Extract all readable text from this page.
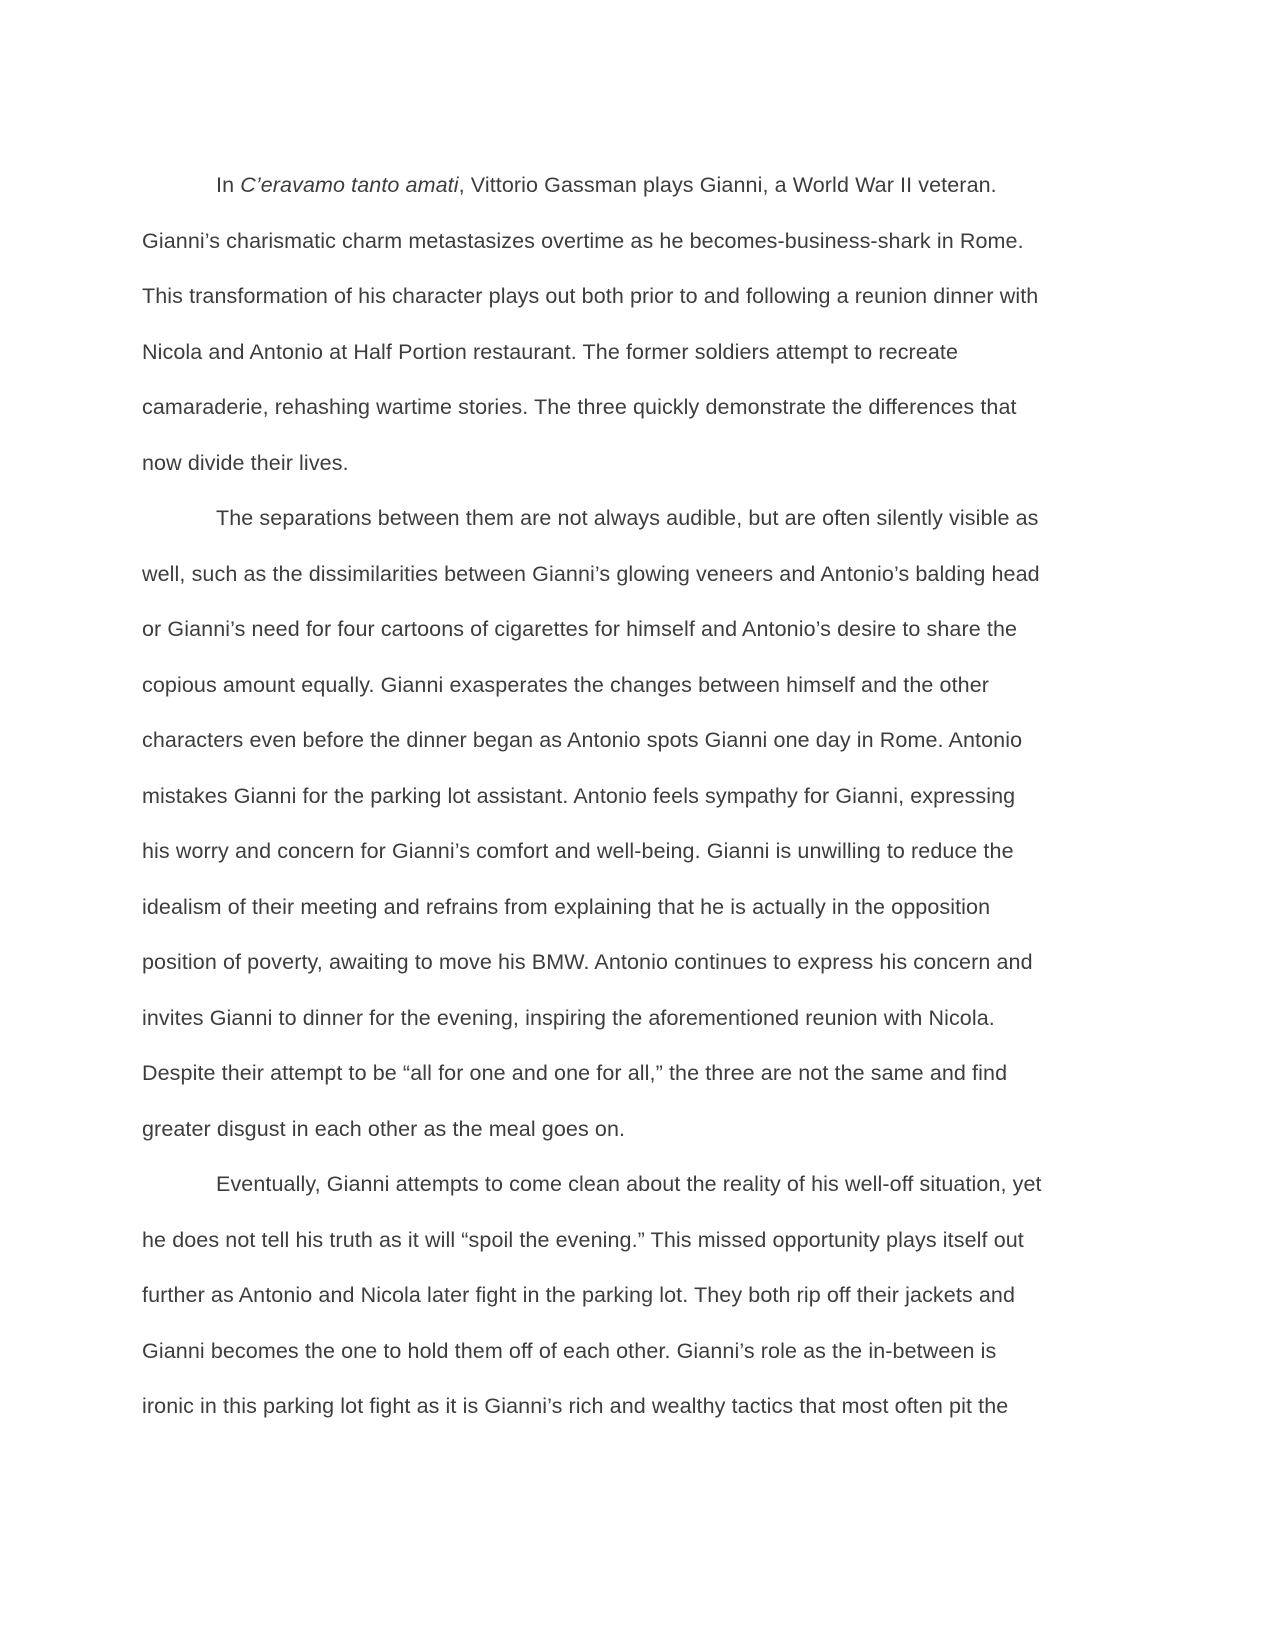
In C’eravamo tanto amati, Vittorio Gassman plays Gianni, a World War II veteran.
Gianni’s charismatic charm metastasizes overtime as he becomes-business-shark in Rome.
This transformation of his character plays out both prior to and following a reunion dinner with
Nicola and Antonio at Half Portion restaurant. The former soldiers attempt to recreate
camaraderie, rehashing wartime stories. The three quickly demonstrate the differences that
now divide their lives.
The separations between them are not always audible, but are often silently visible as
well, such as the dissimilarities between Gianni’s glowing veneers and Antonio’s balding head
or Gianni’s need for four cartoons of cigarettes for himself and Antonio’s desire to share the
copious amount equally. Gianni exasperates the changes between himself and the other
characters even before the dinner began as Antonio spots Gianni one day in Rome. Antonio
mistakes Gianni for the parking lot assistant. Antonio feels sympathy for Gianni, expressing
his worry and concern for Gianni’s comfort and well-being. Gianni is unwilling to reduce the
idealism of their meeting and refrains from explaining that he is actually in the opposition
position of poverty, awaiting to move his BMW. Antonio continues to express his concern and
invites Gianni to dinner for the evening, inspiring the aforementioned reunion with Nicola.
Despite their attempt to be “all for one and one for all,” the three are not the same and find
greater disgust in each other as the meal goes on.
Eventually, Gianni attempts to come clean about the reality of his well-off situation, yet
he does not tell his truth as it will “spoil the evening.” This missed opportunity plays itself out
further as Antonio and Nicola later fight in the parking lot. They both rip off their jackets and
Gianni becomes the one to hold them off of each other. Gianni’s role as the in-between is
ironic in this parking lot fight as it is Gianni’s rich and wealthy tactics that most often pit the
